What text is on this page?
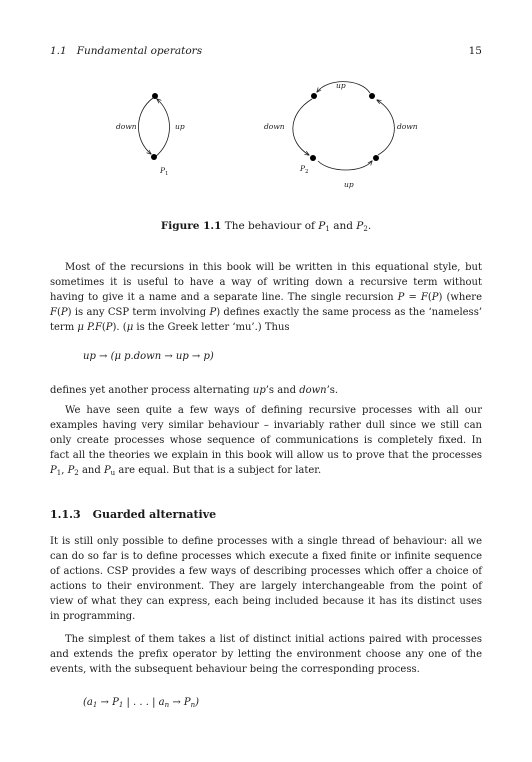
1.1 Fundamental operators	15
down	up
$P_1$
up
down	down
up
$P_2$
Figure 1.1 The behaviour of $P_1$ and $P_2$.

Most of the recursions in this book will be written in this equational style, but sometimes it is useful to have a way of writing down a recursive term without having to give it a name and a separate line. The single recursion P = F(P) (where F(P) is any CSP term involving P) defines exactly the same process as the ‘nameless’ term μ P.F(P). (μ is the Greek letter ‘mu’.) Thus

up → (μ p.down → up → p)

defines yet another process alternating up’s and down’s.

We have seen quite a few ways of defining recursive processes with all our examples having very similar behaviour – invariably rather dull since we still can only create processes whose sequence of communications is completely fixed. In fact all the theories we explain in this book will allow us to prove that the processes $P_1$, $P_2$ and $P_u$ are equal. But that is a subject for later.

1.1.3 Guarded alternative

It is still only possible to define processes with a single thread of behaviour: all we can do so far is to define processes which execute a fixed finite or infinite sequence of actions. CSP provides a few ways of describing processes which offer a choice of actions to their environment. They are largely interchangeable from the point of view of what they can express, each being included because it has its distinct uses in programming.

The simplest of them takes a list of distinct initial actions paired with processes and extends the prefix operator by letting the environment choose any one of the events, with the subsequent behaviour being the corresponding process.

($a_1 \to P_1$ | . . . | $a_n \to P_n$)
